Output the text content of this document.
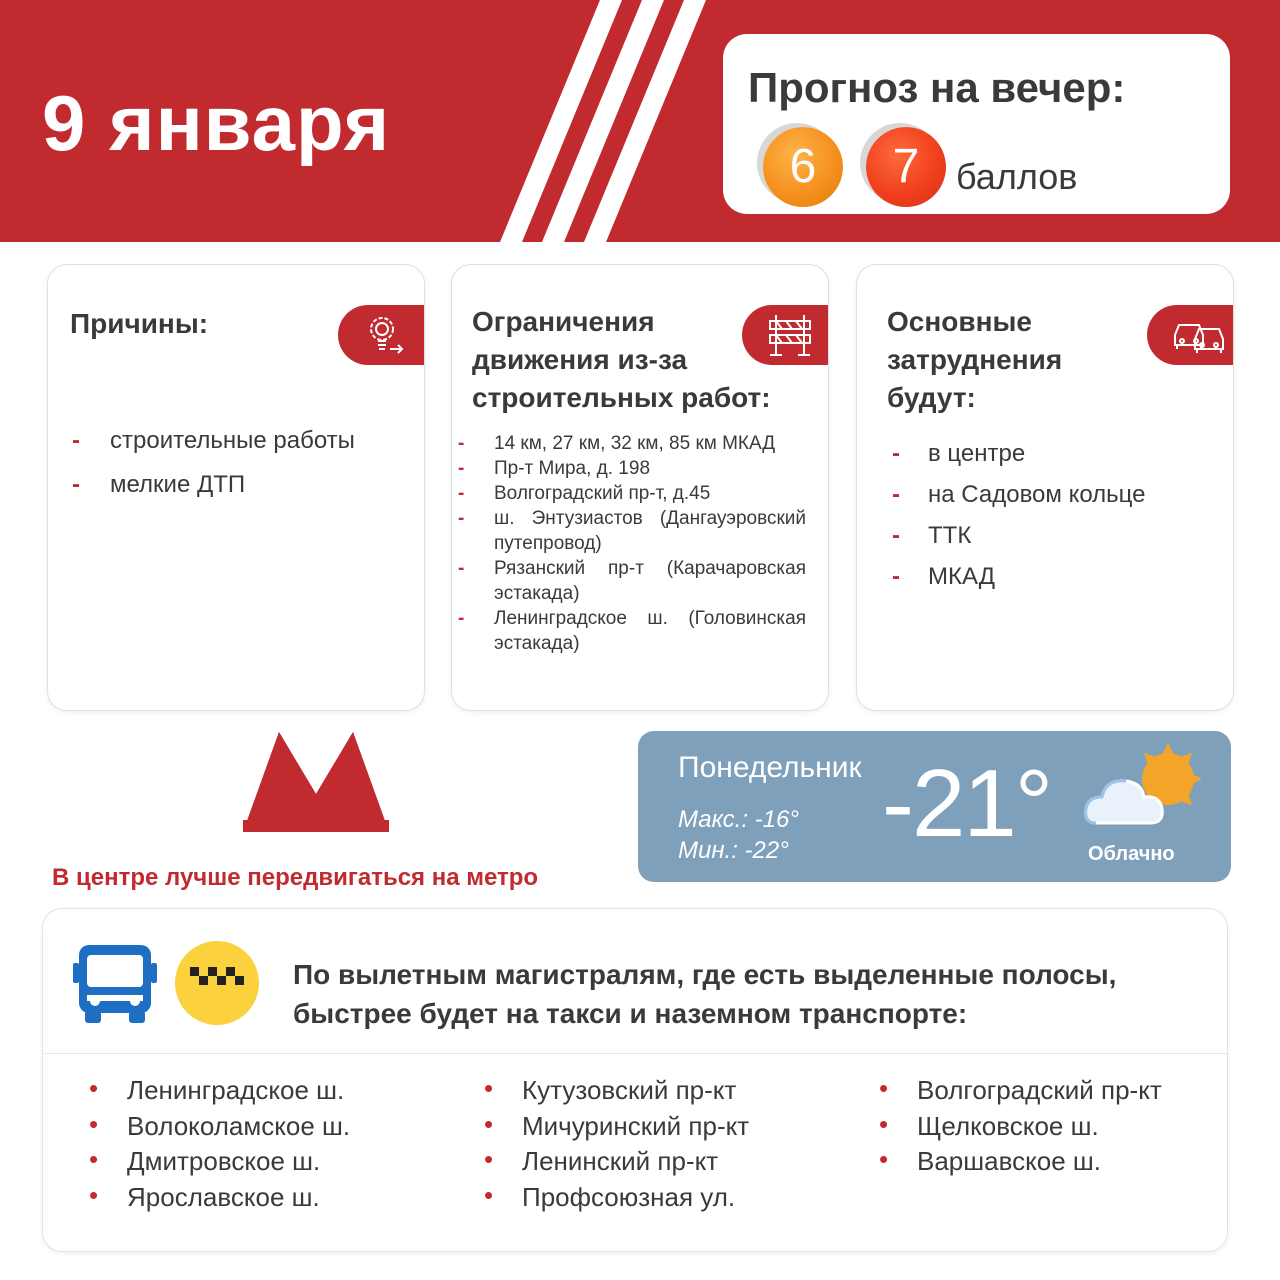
9 января	Прогноз на вечер:
6	7	баллов
Причины:
- строительные работы
- мелкие ДТП
Ограничения
движения из-за
строительных работ:
- 14 км, 27 км, 32 км, 85 км МКАД
- Пр-т Мира, д. 198
- Волгоградский пр-т, д.45
- ш. Энтузиастов (Дангауэровский путепровод)
- Рязанский пр-т (Карачаровская эстакада)
- Ленинградское ш. (Головинская эстакада)
Основные
затруднения
будут:
- в центре
- на Садовом кольце
- ТТК
- МКАД
В центре лучше передвигаться на метро
Понедельник
Макс.: -16°
Мин.: -22° -21° Облачно
По вылетным магистралям, где есть выделенные полосы,
быстрее будет на такси и наземном транспорте:
• Ленинградское ш.
• Волоколамское ш.
• Дмитровское ш.
• Ярославское ш.
• Кутузовский пр-кт
• Мичуринский пр-кт
• Ленинский пр-кт
• Профсоюзная ул.
• Волгоградский пр-кт
• Щелковское ш.
• Варшавское ш.
